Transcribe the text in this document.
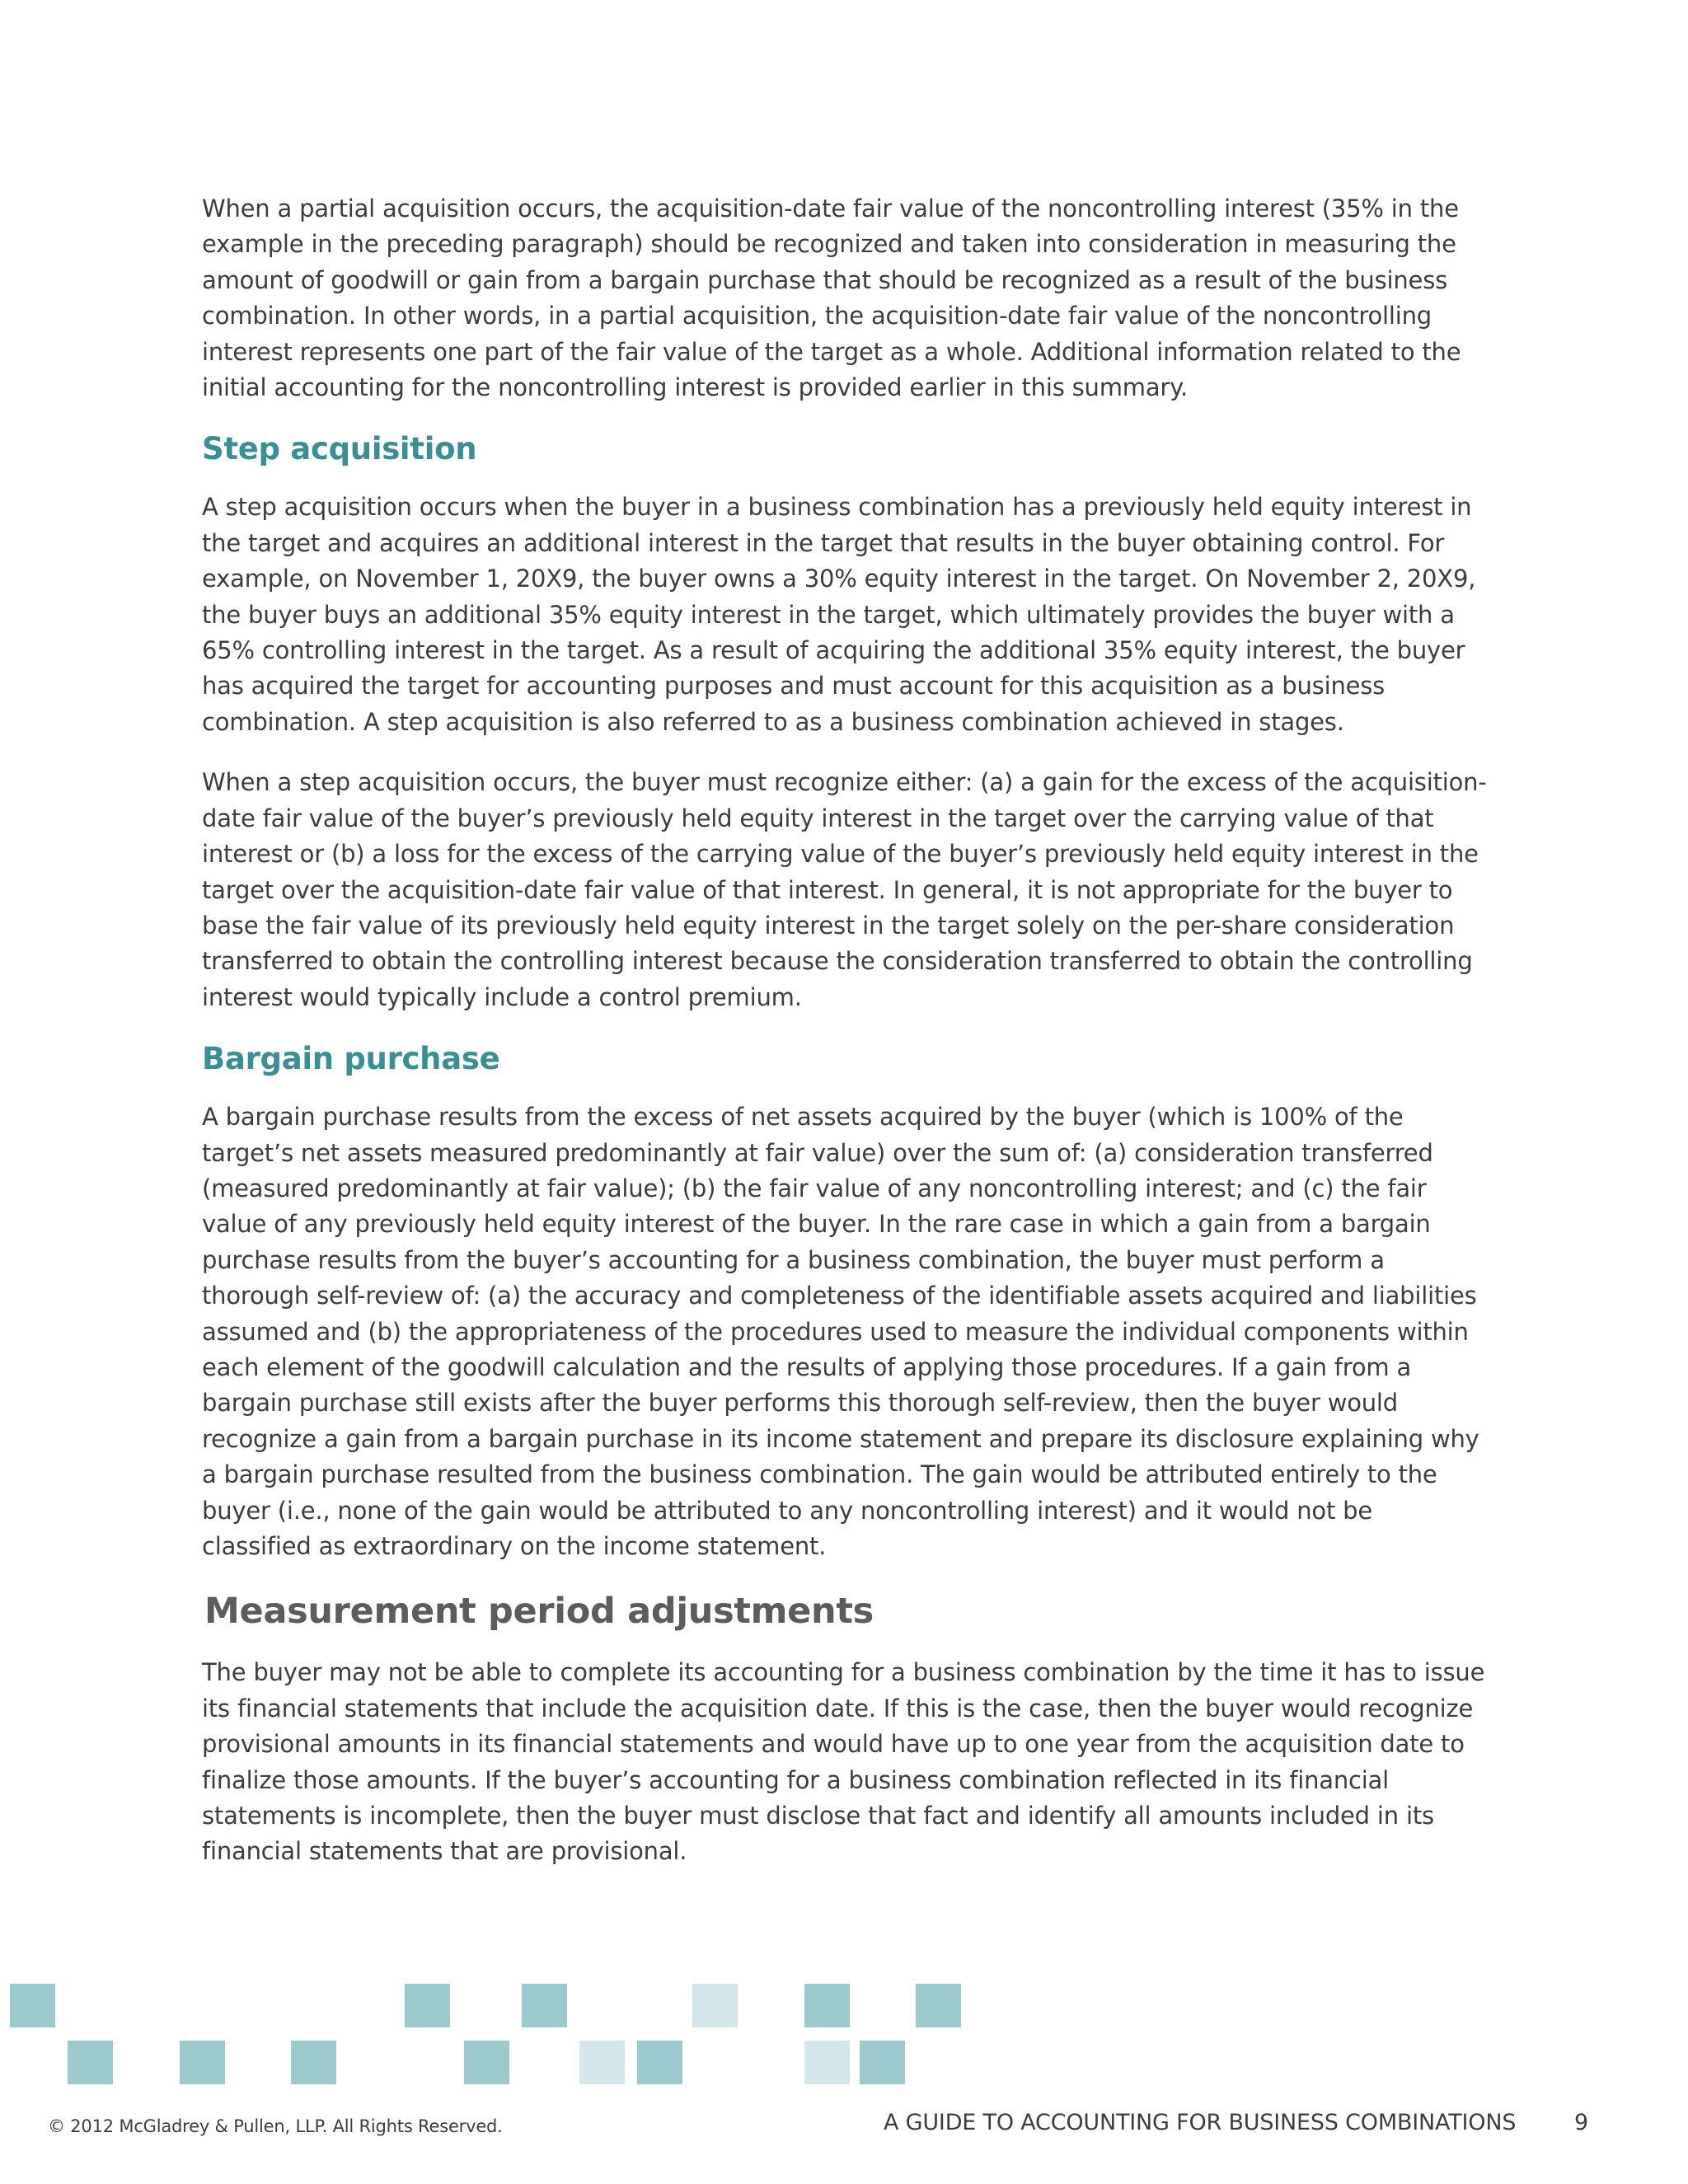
When a partial acquisition occurs, the acquisition-date fair value of the noncontrolling interest (35% in the example in the preceding paragraph) should be recognized and taken into consideration in measuring the amount of goodwill or gain from a bargain purchase that should be recognized as a result of the business combination. In other words, in a partial acquisition, the acquisition-date fair value of the noncontrolling interest represents one part of the fair value of the target as a whole. Additional information related to the initial accounting for the noncontrolling interest is provided earlier in this summary.

Step acquisition

A step acquisition occurs when the buyer in a business combination has a previously held equity interest in the target and acquires an additional interest in the target that results in the buyer obtaining control. For example, on November 1, 20X9, the buyer owns a 30% equity interest in the target. On November 2, 20X9, the buyer buys an additional 35% equity interest in the target, which ultimately provides the buyer with a 65% controlling interest in the target. As a result of acquiring the additional 35% equity interest, the buyer has acquired the target for accounting purposes and must account for this acquisition as a business combination. A step acquisition is also referred to as a business combination achieved in stages.

When a step acquisition occurs, the buyer must recognize either: (a) a gain for the excess of the acquisition-date fair value of the buyer’s previously held equity interest in the target over the carrying value of that interest or (b) a loss for the excess of the carrying value of the buyer’s previously held equity interest in the target over the acquisition-date fair value of that interest. In general, it is not appropriate for the buyer to base the fair value of its previously held equity interest in the target solely on the per-share consideration transferred to obtain the controlling interest because the consideration transferred to obtain the controlling interest would typically include a control premium.

Bargain purchase

A bargain purchase results from the excess of net assets acquired by the buyer (which is 100% of the target’s net assets measured predominantly at fair value) over the sum of: (a) consideration transferred (measured predominantly at fair value); (b) the fair value of any noncontrolling interest; and (c) the fair value of any previously held equity interest of the buyer. In the rare case in which a gain from a bargain purchase results from the buyer’s accounting for a business combination, the buyer must perform a thorough self-review of: (a) the accuracy and completeness of the identifiable assets acquired and liabilities assumed and (b) the appropriateness of the procedures used to measure the individual components within each element of the goodwill calculation and the results of applying those procedures. If a gain from a bargain purchase still exists after the buyer performs this thorough self-review, then the buyer would recognize a gain from a bargain purchase in its income statement and prepare its disclosure explaining why a bargain purchase resulted from the business combination. The gain would be attributed entirely to the buyer (i.e., none of the gain would be attributed to any noncontrolling interest) and it would not be classified as extraordinary on the income statement.

Measurement period adjustments

The buyer may not be able to complete its accounting for a business combination by the time it has to issue its financial statements that include the acquisition date. If this is the case, then the buyer would recognize provisional amounts in its financial statements and would have up to one year from the acquisition date to finalize those amounts. If the buyer’s accounting for a business combination reflected in its financial statements is incomplete, then the buyer must disclose that fact and identify all amounts included in its financial statements that are provisional.

© 2012 McGladrey & Pullen, LLP. All Rights Reserved.	A GUIDE TO ACCOUNTING FOR BUSINESS COMBINATIONS	9
